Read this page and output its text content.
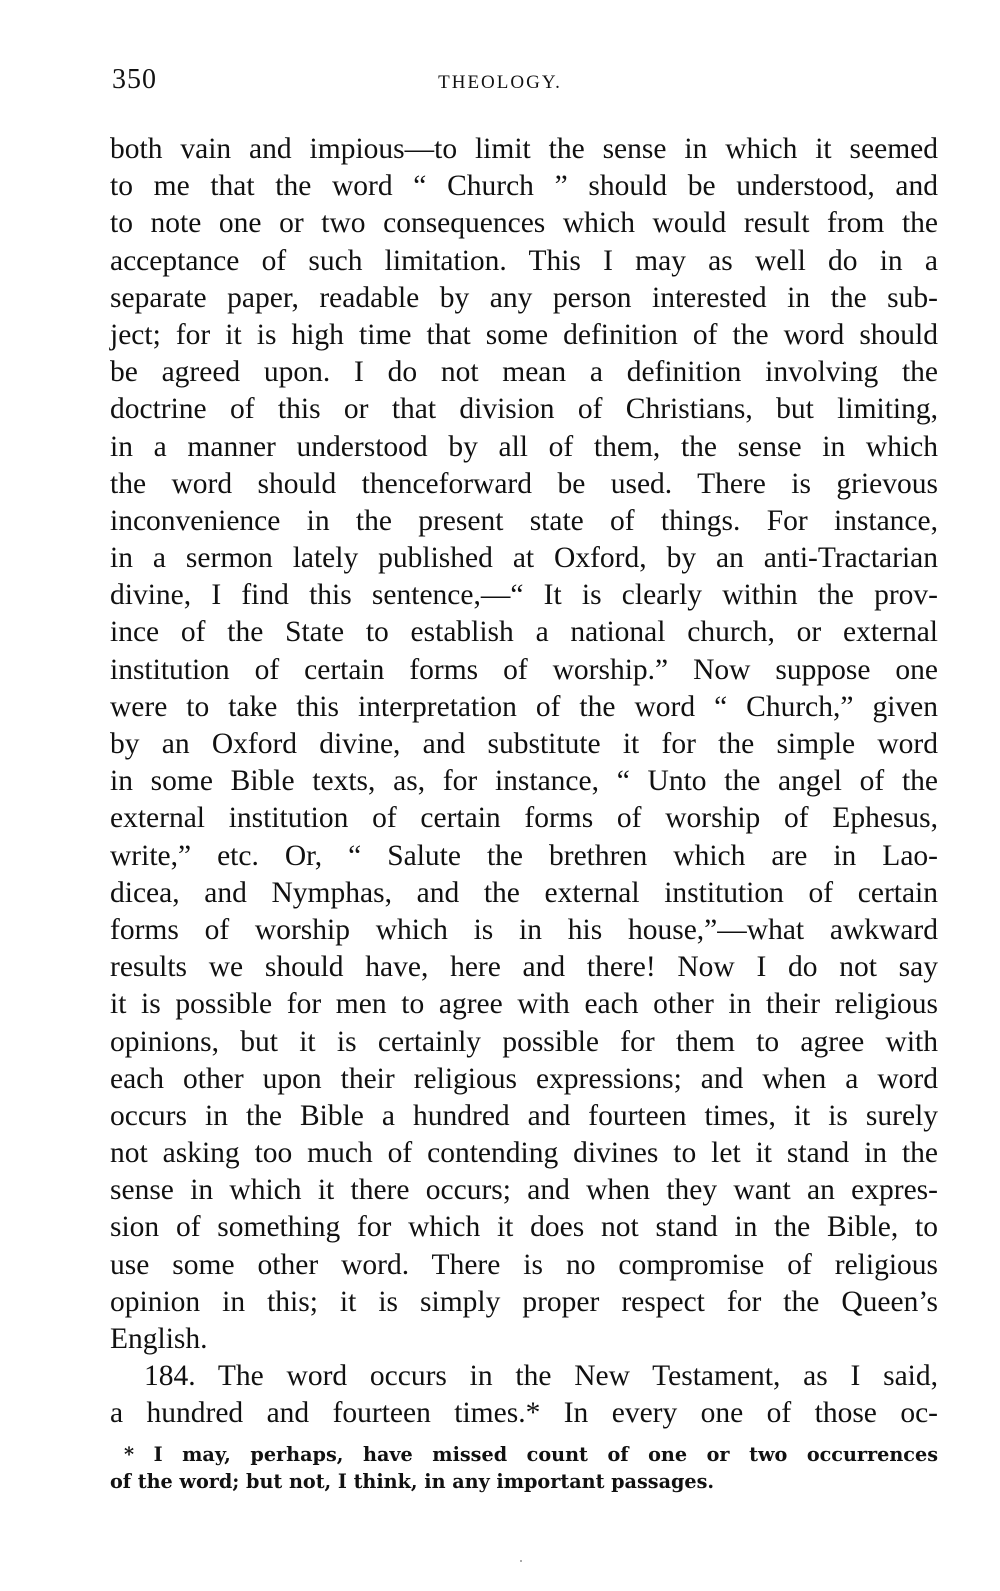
350	THEOLOGY.
both vain and impious—to limit the sense in which it seemed
to me that the word “ Church ” should be understood, and
to note one or two consequences which would result from the
acceptance of such limitation. This I may as well do in a
separate paper, readable by any person interested in the sub-
ject; for it is high time that some definition of the word should
be agreed upon. I do not mean a definition involving the
doctrine of this or that division of Christians, but limiting,
in a manner understood by all of them, the sense in which
the word should thenceforward be used. There is grievous
inconvenience in the present state of things. For instance,
in a sermon lately published at Oxford, by an anti-Tractarian
divine, I find this sentence,—“ It is clearly within the prov-
ince of the State to establish a national church, or external
institution of certain forms of worship.” Now suppose one
were to take this interpretation of the word “ Church,” given
by an Oxford divine, and substitute it for the simple word
in some Bible texts, as, for instance, “ Unto the angel of the
external institution of certain forms of worship of Ephesus,
write,” etc. Or, “ Salute the brethren which are in Lao-
dicea, and Nymphas, and the external institution of certain
forms of worship which is in his house,”—what awkward
results we should have, here and there! Now I do not say
it is possible for men to agree with each other in their religious
opinions, but it is certainly possible for them to agree with
each other upon their religious expressions; and when a word
occurs in the Bible a hundred and fourteen times, it is surely
not asking too much of contending divines to let it stand in the
sense in which it there occurs; and when they want an expres-
sion of something for which it does not stand in the Bible, to
use some other word. There is no compromise of religious
opinion in this; it is simply proper respect for the Queen’s
English.
184. The word occurs in the New Testament, as I said,
a hundred and fourteen times.* In every one of those oc-
* I may, perhaps, have missed count of one or two occurrences
of the word; but not, I think, in any important passages.
